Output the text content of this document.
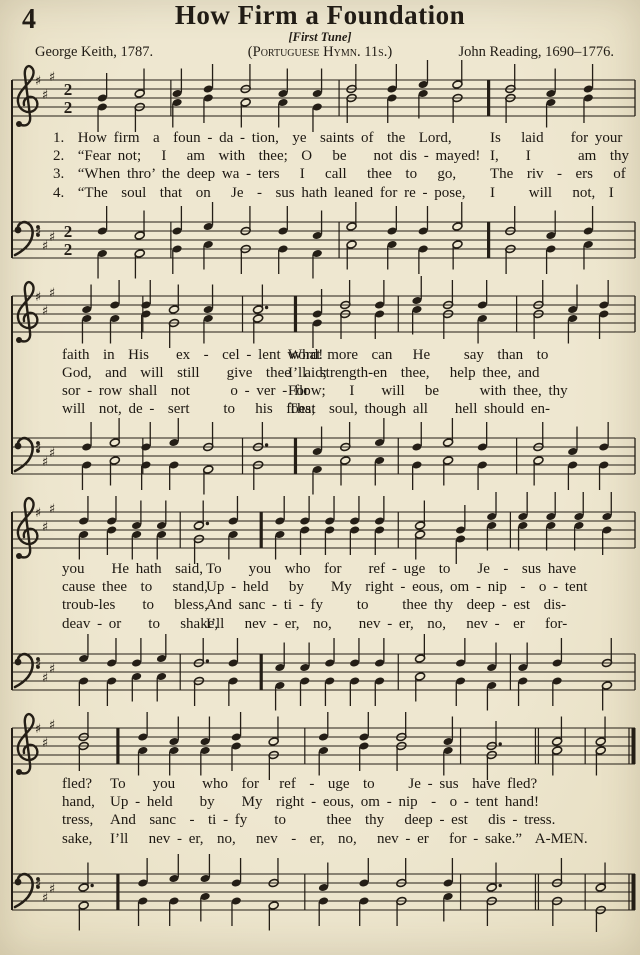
4	How Firm a Foundation
[First Tune]
George Keith, 1787.	(Portuguese Hymn. 11s.)	John Reading, 1690–1776.
♯
♯
♯
2
2
1.  How firm  a  foun - da - tion,  ye  saints of  the  Lord,	Is   laid    for your
2.  “Fear not;   I   am  with  thee;  O   be    not dis - mayed! I,    I       am  thy
3.  “When thro’ the deep wa - ters   I   call   thee  to   go, The  riv  -  ers   of
4.  “The  soul  that  on   Je  -  sus hath leaned for re - pose, I     will   not,  I
♯
♯
♯ 2
2
♯
♯
♯
faith  in  His    ex  -  cel - lent word!
What more  can   He     say  than  to
God,  and  will  still    give  thee  aid;
I’ll  strength-en  thee,   help thee, and
sor - row shall  not      o - ver - flow;
For      I    will   be      with thee, thy
will  not, de -  sert     to   his  foes;
That  soul, though all    hell should en-
♯
♯
♯
♯
♯
♯
you    He hath  said, To    you  who  for    ref - uge  to    Je  -  sus have
cause thee  to   stand,
Up - held   by    My  right - eous, om - nip  -  o - tent
troub-les    to   bless,
And sanc - ti - fy     to     thee thy  deep - est  dis-
deav - or    to   shake,
I’ll   nev - er,  no,    nev - er,  no,   nev -  er   for-
♯
♯
♯
♯
♯
♯
fled? To    you    who  for   ref  -  uge  to     Je - sus  have fled?
hand, Up - held    by    My  right - eous, om - nip  -  o - tent hand!
tress, And  sanc  -  ti - fy    to      thee  thy   deep - est   dis - tress.
sake, I’ll   nev - er,  no,   nev  -  er,  no,   nev - er   for - sake.”  A-MEN.
♯
♯
♯
